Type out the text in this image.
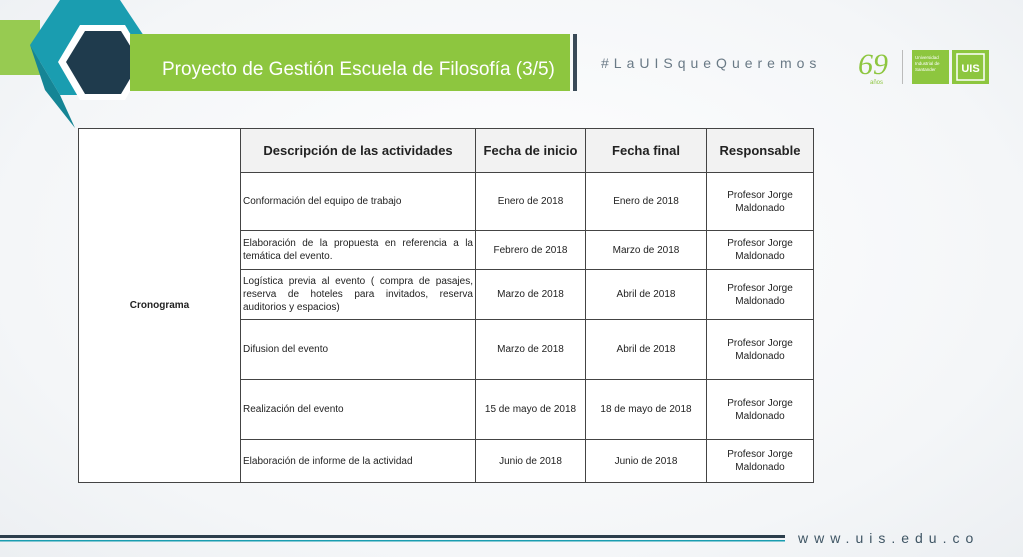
Proyecto de Gestión Escuela de Filosofía (3/5)	#LaUISqueQueremos 69
años
Universidad
Industrial de
Santander UIS
Cronograma	Descripción de las actividades	Fecha de inicio	Fecha final	Responsable
	Conformación del equipo de trabajo	Enero de 2018	Enero de 2018	Profesor Jorge Maldonado
	Elaboración de la propuesta en referencia a la temática del evento.	Febrero de 2018	Marzo de 2018	Profesor Jorge Maldonado
	Logística previa al evento ( compra de pasajes, reserva de hoteles para invitados, reserva auditorios y espacios)	Marzo de 2018	Abril de 2018	Profesor Jorge Maldonado
	Difusion del evento	Marzo de 2018	Abril de 2018	Profesor Jorge Maldonado
	Realización del evento	15 de mayo de 2018	18 de mayo de 2018	Profesor Jorge Maldonado
	Elaboración de informe de la actividad	Junio de 2018	Junio de 2018	Profesor Jorge Maldonado
www.uis.edu.co
